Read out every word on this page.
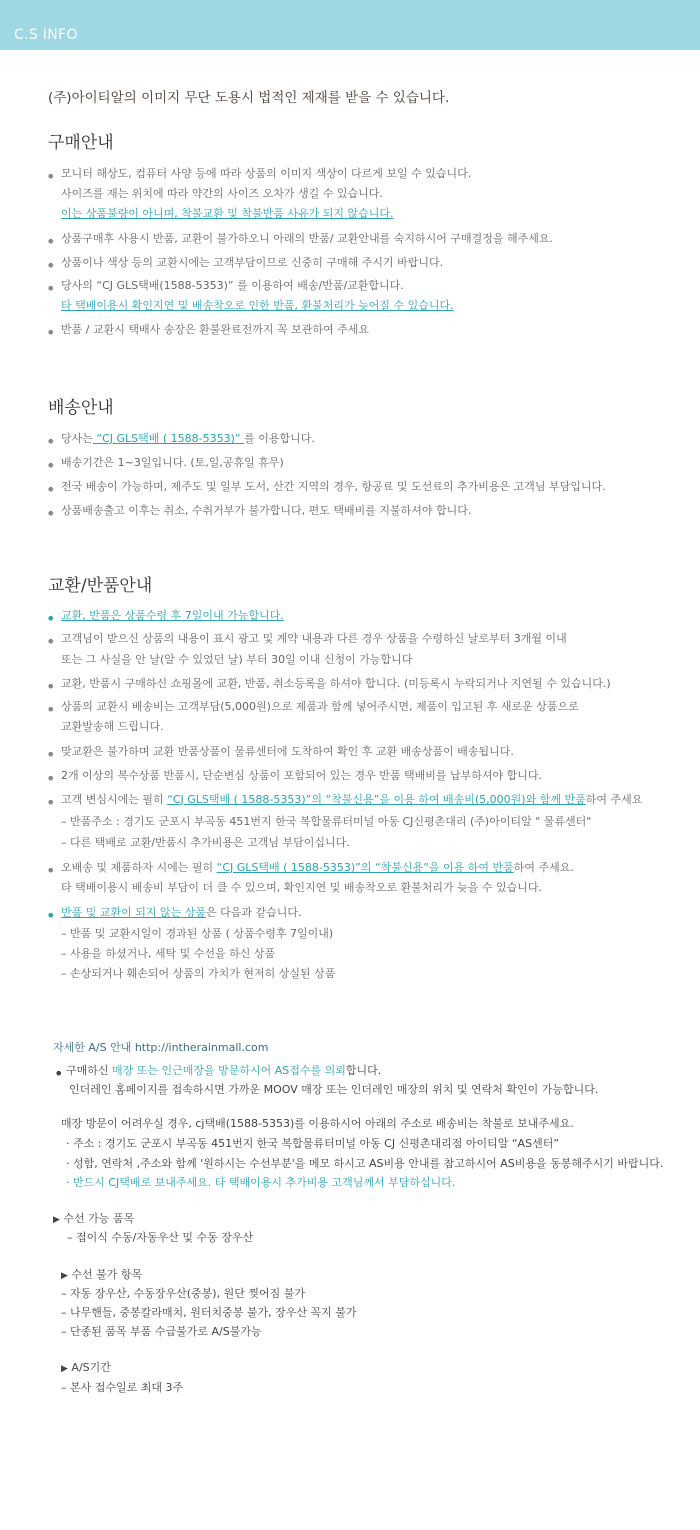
C.S INFO
(주)아이티알의 이미지 무단 도용시 법적인 제재를 받을 수 있습니다.
구매안내
• 모니터 해상도, 컴퓨터 사양 등에 따라 상품의 이미지 색상이 다르게 보일 수 있습니다.
사이즈를 재는 위치에 따라 약간의 사이즈 오차가 생길 수 있습니다.
이는 상품불량이 아니며, 착불교환 및 착불반품 사유가 되지 않습니다.
• 상품구매후 사용시 반품, 교환이 불가하오니 아래의 반품/ 교환안내를 숙지하시어 구매결정을 해주세요.
• 상품이나 색상 등의 교환시에는 고객부담이므로 신중히 구매해 주시기 바랍니다.
• 당사의 “CJ GLS택배(1588-5353)” 를 이용하여 배송/반품/교환합니다.
타 택배이용시 확인지연 및 배송착오로 인한 반품, 환불처리가 늦어질 수 있습니다.
• 반품 / 교환시 택배사 송장은 환불완료전까지 꼭 보관하여 주세요
배송안내
• 당사는 “CJ GLS택배 ( 1588-5353)” 를 이용합니다.
• 배송기간은 1~3일입니다. (토,일,공휴일 휴무)
• 전국 배송이 가능하며, 제주도 및 일부 도서, 산간 지역의 경우, 항공료 및 도선료의 추가비용은 고객님 부담입니다.
• 상품배송출고 이후는 취소, 수취거부가 불가합니다, 편도 택배비를 지불하셔야 합니다.
교환/반품안내
• 교환, 반품은 상품수령 후 7일이내 가능합니다.
• 고객님이 받으신 상품의 내용이 표시 광고 및 계약 내용과 다른 경우 상품을 수령하신 날로부터 3개월 이내
또는 그 사실을 안 날(알 수 있었던 날) 부터 30일 이내 신청이 가능합니다
• 교환, 반품시 구매하신 쇼핑몰에 교환, 반품, 취소등록을 하셔야 합니다. (미등록시 누락되거나 지연될 수 있습니다.)
• 상품의 교환시 배송비는 고객부담(5,000원)으로 제품과 함께 넣어주시면, 제품이 입고된 후 새로운 상품으로
교환발송해 드립니다.
• 맞교환은 불가하며 교환 반품상품이 물류센터에 도착하여 확인 후 교환 배송상품이 배송됩니다.
• 2개 이상의 복수상품 반품시, 단순변심 상품이 포함되어 있는 경우 반품 택배비를 납부하셔야 합니다.
• 고객 변심시에는 필히 “CJ GLS택배 ( 1588-5353)”의 “착불신용”을 이용 하여 배송비(5,000원)와 함께 반품하여 주세요
– 반품주소 : 경기도 군포시 부곡동 451번지 한국 복합물류터미널 아동 CJ신평촌대리 (주)아이티알 " 물류센터"
– 다른 택배로 교환/반품시 추가비용은 고객님 부담이십니다.
• 오배송 및 제품하자 시에는 필히 “CJ GLS택배 ( 1588-5353)”의 “착불신용”을 이용 하여 반품하여 주세요.
타 택배이용시 배송비 부담이 더 클 수 있으며, 확인지연 및 배송착오로 환불처리가 늦을 수 있습니다.
• 반품 및 교환이 되지 않는 상품은 다음과 같습니다.
– 반품 및 교환시일이 경과된 상품 ( 상품수령후 7일이내)
– 사용을 하셨거나, 세탁 및 수선을 하신 상품
– 손상되거나 훼손되어 상품의 가치가 현저히 상실된 상품
자세한 A/S 안내 http://intherainmall.com
• 구매하신 매장 또는 인근매장을 방문하시어 AS접수를 의뢰합니다.
인더레인 홈페이지를 접속하시면 가까운 MOOV 매장 또는 인더레인 매장의 위치 및 연락처 확인이 가능합니다.
매장 방문이 어려우실 경우, cj택배(1588-5353)를 이용하시어 아래의 주소로 배송비는 착불로 보내주세요.
· 주소 : 경기도 군포시 부곡동 451번지 한국 복합물류터미널 아동 CJ 신평촌대리점 아이티알 “AS센터”
· 성함, 연락처 ,주소와 함께 '원하시는 수선부분'을 메모 하시고 AS비용 안내를 참고하시어 AS비용을 동봉해주시기 바랍니다.
· 반드시 CJ택배로 보내주세요. 타 택배이용시 추가비용 고객님께서 부담하십니다.
▶ 수선 가능 품목
– 접이식 수동/자동우산 및 수동 장우산
▶ 수선 불가 항목
– 자동 장우산, 수동장우산(중봉), 원단 찢어짐 불가
– 나무핸들, 중봉칼라매치, 원터치중봉 불가, 장우산 꼭지 불가
– 단종된 품목 부품 수급불가로 A/S불가능
▶ A/S기간
– 본사 접수일로 최대 3주
